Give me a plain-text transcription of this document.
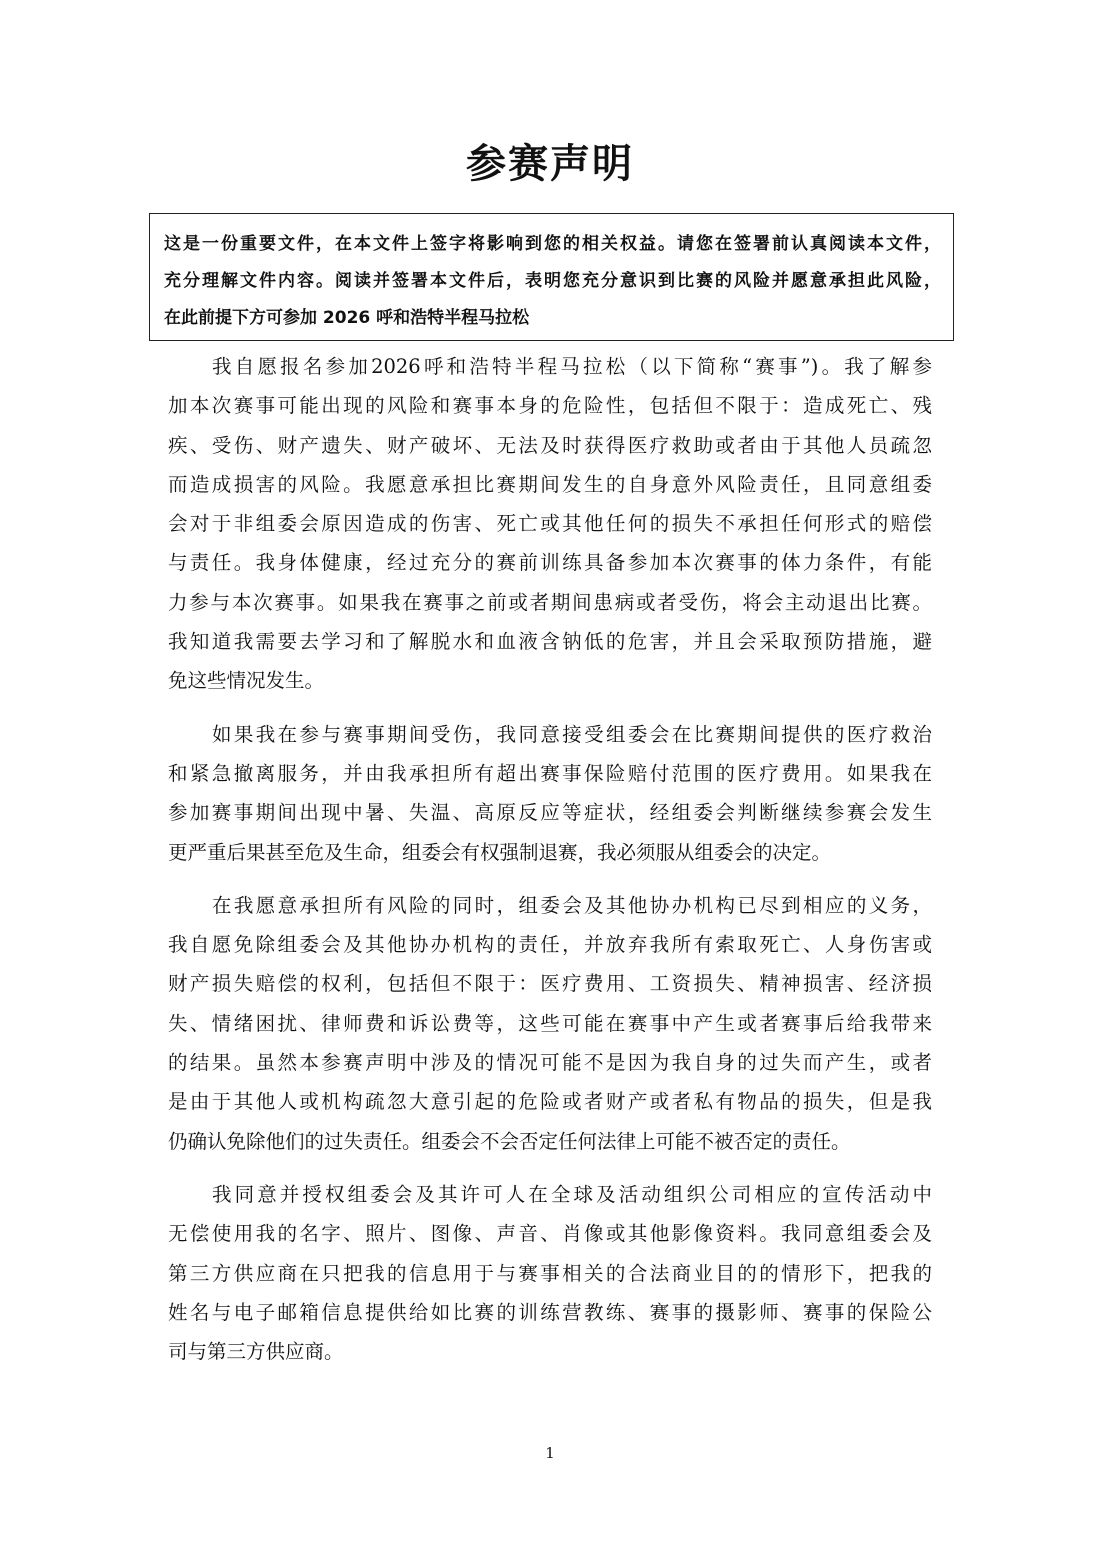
参赛声明
这是一份重要文件，在本文件上签字将影响到您的相关权益。请您在签署前认真阅读本文件，
充分理解文件内容。阅读并签署本文件后，表明您充分意识到比赛的风险并愿意承担此风险，
在此前提下方可参加 2026 呼和浩特半程马拉松
我自愿报名参加2026呼和浩特半程马拉松（以下简称“赛事”)。我了解参
加本次赛事可能出现的风险和赛事本身的危险性，包括但不限于：造成死亡、残
疾、受伤、财产遗失、财产破坏、无法及时获得医疗救助或者由于其他人员疏忽
而造成损害的风险。我愿意承担比赛期间发生的自身意外风险责任，且同意组委
会对于非组委会原因造成的伤害、死亡或其他任何的损失不承担任何形式的赔偿
与责任。我身体健康，经过充分的赛前训练具备参加本次赛事的体力条件，有能
力参与本次赛事。如果我在赛事之前或者期间患病或者受伤，将会主动退出比赛。
我知道我需要去学习和了解脱水和血液含钠低的危害，并且会采取预防措施，避
免这些情况发生。
如果我在参与赛事期间受伤，我同意接受组委会在比赛期间提供的医疗救治
和紧急撤离服务，并由我承担所有超出赛事保险赔付范围的医疗费用。如果我在
参加赛事期间出现中暑、失温、高原反应等症状，经组委会判断继续参赛会发生
更严重后果甚至危及生命，组委会有权强制退赛，我必须服从组委会的决定。
在我愿意承担所有风险的同时，组委会及其他协办机构已尽到相应的义务，
我自愿免除组委会及其他协办机构的责任，并放弃我所有索取死亡、人身伤害或
财产损失赔偿的权利，包括但不限于：医疗费用、工资损失、精神损害、经济损
失、情绪困扰、律师费和诉讼费等，这些可能在赛事中产生或者赛事后给我带来
的结果。虽然本参赛声明中涉及的情况可能不是因为我自身的过失而产生，或者
是由于其他人或机构疏忽大意引起的危险或者财产或者私有物品的损失，但是我
仍确认免除他们的过失责任。组委会不会否定任何法律上可能不被否定的责任。
我同意并授权组委会及其许可人在全球及活动组织公司相应的宣传活动中
无偿使用我的名字、照片、图像、声音、肖像或其他影像资料。我同意组委会及
第三方供应商在只把我的信息用于与赛事相关的合法商业目的的情形下，把我的
姓名与电子邮箱信息提供给如比赛的训练营教练、赛事的摄影师、赛事的保险公
司与第三方供应商。
1
